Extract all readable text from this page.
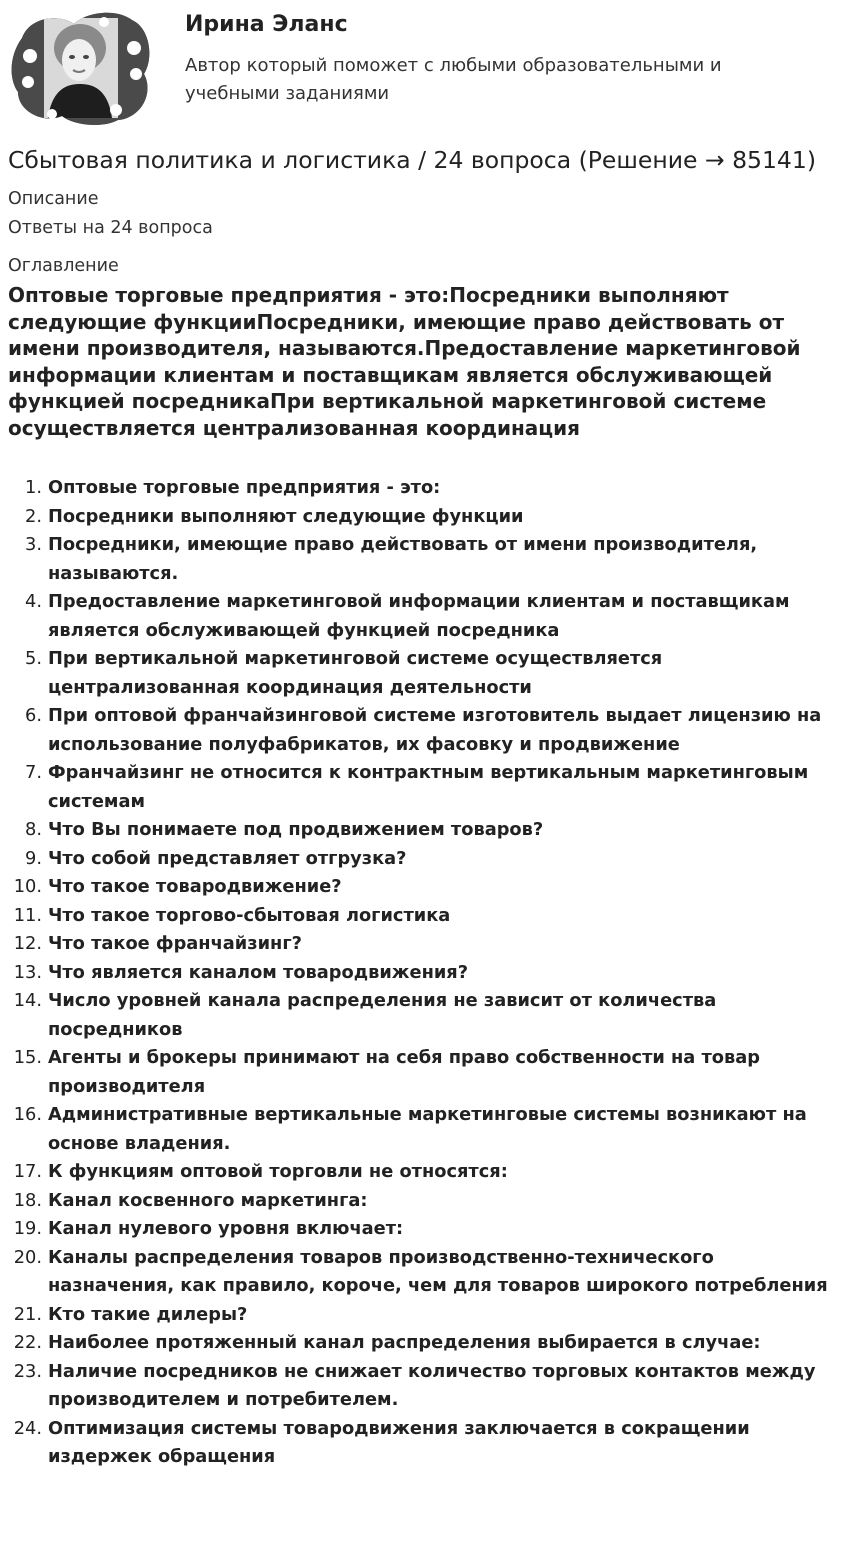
Ирина Эланс
Автор который поможет с любыми образовательными и учебными заданиями
Сбытовая политика и логистика / 24 вопроса (Решение → 85141)
Описание
Ответы на 24 вопроса
Оглавление
Оптовые торговые предприятия - это:Посредники выполняют следующие функцииПосредники, имеющие право действовать от имени производителя, называются.Предоставление маркетинговой информации клиентам и поставщикам является обслуживающей функцией посредникаПри вертикальной маркетинговой системе осуществляется централизованная координация
1. Оптовые торговые предприятия - это:
2. Посредники выполняют следующие функции
3. Посредники, имеющие право действовать от имени производителя, называются.
4. Предоставление маркетинговой информации клиентам и поставщикам является обслуживающей функцией посредника
5. При вертикальной маркетинговой системе осуществляется централизованная координация деятельности
6. При оптовой франчайзинговой системе изготовитель выдает лицензию на использование полуфабрикатов, их фасовку и продвижение
7. Франчайзинг не относится к контрактным вертикальным маркетинговым системам
8. Что Вы понимаете под продвижением товаров?
9. Что собой представляет отгрузка?
10. Что такое товародвижение?
11. Что такое торгово-сбытовая логистика
12. Что такое франчайзинг?
13. Что является каналом товародвижения?
14. Число уровней канала распределения не зависит от количества посредников
15. Агенты и брокеры принимают на себя право собственности на товар производителя
16. Административные вертикальные маркетинговые системы возникают на основе владения.
17. К функциям оптовой торговли не относятся:
18. Канал косвенного маркетинга:
19. Канал нулевого уровня включает:
20. Каналы распределения товаров производственно-технического назначения, как правило, короче, чем для товаров широкого потребления
21. Кто такие дилеры?
22. Наиболее протяженный канал распределения выбирается в случае:
23. Наличие посредников не снижает количество торговых контактов между производителем и потребителем.
24. Оптимизация системы товародвижения заключается в сокращении издержек обращения
